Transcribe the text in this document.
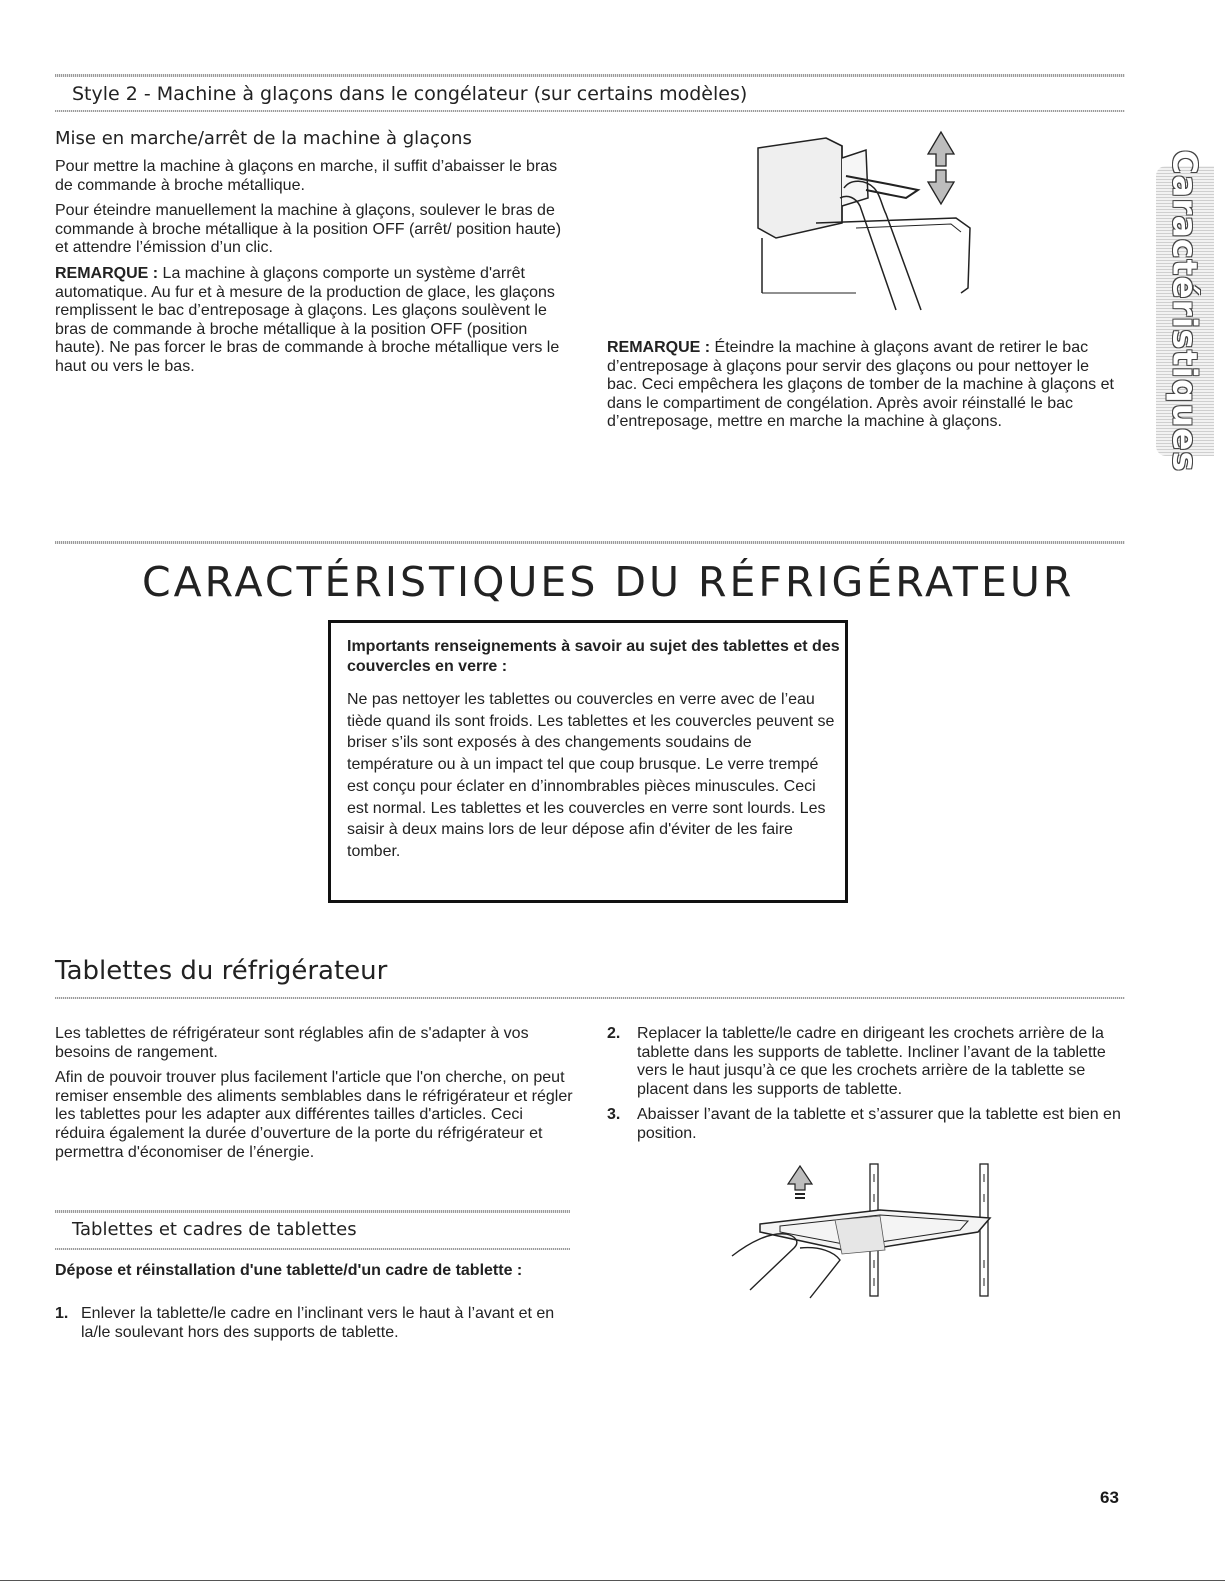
Style 2 - Machine à glaçons dans le congélateur (sur certains modèles)
Mise en marche/arrêt de la machine à glaçons

Pour mettre la machine à glaçons en marche, il suffit d’abaisser le bras de commande à broche métallique.

Pour éteindre manuellement la machine à glaçons, soulever le bras de commande à broche métallique à la position OFF (arrêt/ position haute) et attendre l’émission d’un clic.

REMARQUE : La machine à glaçons comporte un système d'arrêt automatique. Au fur et à mesure de la production de glace, les glaçons remplissent le bac d’entreposage à glaçons. Les glaçons soulèvent le bras de commande à broche métallique à la position OFF (position haute). Ne pas forcer le bras de commande à broche métallique vers le haut ou vers le bas.

REMARQUE : Éteindre la machine à glaçons avant de retirer le bac d’entreposage à glaçons pour servir des glaçons ou pour nettoyer le bac. Ceci empêchera les glaçons de tomber de la machine à glaçons et dans le compartiment de congélation. Après avoir réinstallé le bac d’entreposage, mettre en marche la machine à glaçons.	Caractéristiques
CARACTÉRISTIQUES DU RÉFRIGÉRATEUR
Importants renseignements à savoir au sujet des tablettes et des couvercles en verre :
Ne pas nettoyer les tablettes ou couvercles en verre avec de l’eau tiède quand ils sont froids. Les tablettes et les couvercles peuvent se briser s’ils sont exposés à des changements soudains de température ou à un impact tel que coup brusque. Le verre trempé est conçu pour éclater en d’innombrables pièces minuscules. Ceci est normal. Les tablettes et les couvercles en verre sont lourds. Les saisir à deux mains lors de leur dépose afin d'éviter de les faire tomber.
Tablettes du réfrigérateur

Les tablettes de réfrigérateur sont réglables afin de s'adapter à vos besoins de rangement.

Afin de pouvoir trouver plus facilement l'article que l'on cherche, on peut remiser ensemble des aliments semblables dans le réfrigérateur et régler les tablettes pour les adapter aux différentes tailles d'articles. Ceci réduira également la durée d’ouverture de la porte du réfrigérateur et permettra d'économiser de l’énergie.

Tablettes et cadres de tablettes
Dépose et réinstallation d'une tablette/d'un cadre de tablette :
1. Enlever la tablette/le cadre en l’inclinant vers le haut à l’avant et en la/le soulevant hors des supports de tablette.
2.	Replacer la tablette/le cadre en dirigeant les crochets arrière de la tablette dans les supports de tablette. Incliner l’avant de la tablette vers le haut jusqu’à ce que les crochets arrière de la tablette se placent dans les supports de tablette.
3.	Abaisser l’avant de la tablette et s’assurer que la tablette est bien en position.
63
